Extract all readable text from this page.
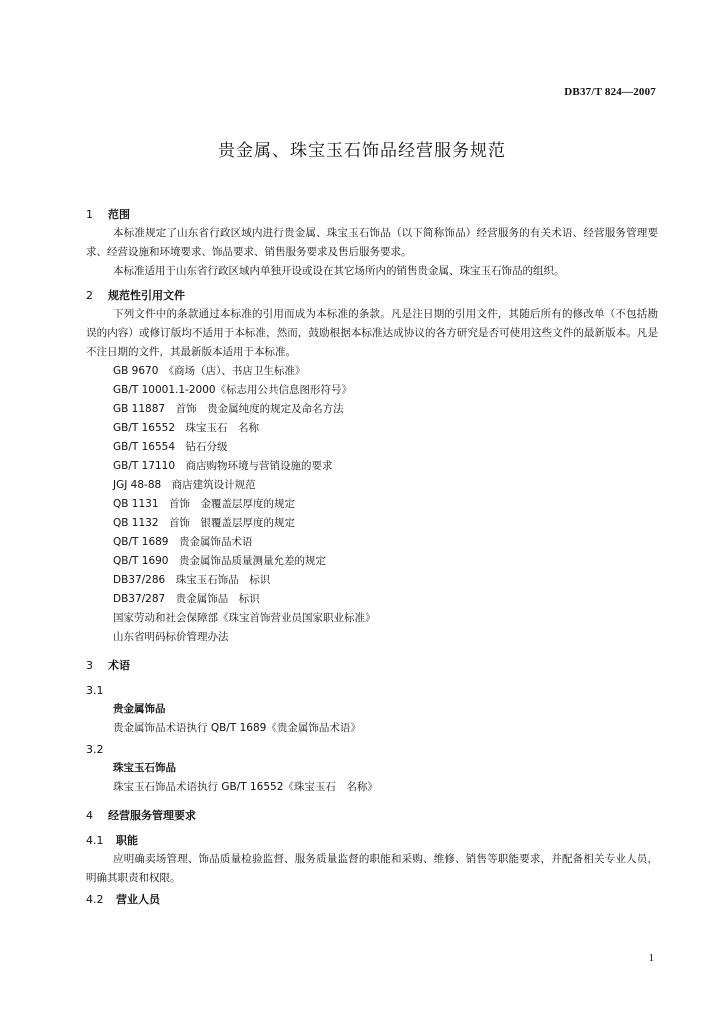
DB37/T 824—2007
贵金属、珠宝玉石饰品经营服务规范
1 范围
本标准规定了山东省行政区域内进行贵金属、珠宝玉石饰品（以下简称饰品）经营服务的有关术语、经营服务管理要求、经营设施和环境要求、饰品要求、销售服务要求及售后服务要求。
本标准适用于山东省行政区域内单独开设或设在其它场所内的销售贵金属、珠宝玉石饰品的组织。
2 规范性引用文件
下列文件中的条款通过本标准的引用而成为本标准的条款。凡是注日期的引用文件，其随后所有的修改单（不包括勘误的内容）或修订版均不适用于本标准，然而，鼓励根据本标准达成协议的各方研究是否可使用这些文件的最新版本。凡是不注日期的文件，其最新版本适用于本标准。
GB 9670　《商场（店）、书店卫生标准》
GB/T 10001.1-2000《标志用公共信息图形符号》
GB 11887　首饰　贵金属纯度的规定及命名方法
GB/T 16552　珠宝玉石　名称
GB/T 16554　钻石分级
GB/T 17110　商店购物环境与营销设施的要求
JGJ 48-88　商店建筑设计规范
QB 1131　首饰　金覆盖层厚度的规定
QB 1132　首饰　银覆盖层厚度的规定
QB/T 1689　贵金属饰品术语
QB/T 1690　贵金属饰品质量测量允差的规定
DB37/286　珠宝玉石饰品　标识
DB37/287　贵金属饰品　标识
国家劳动和社会保障部《珠宝首饰营业员国家职业标准》
山东省明码标价管理办法
3 术语
3.1
贵金属饰品
贵金属饰品术语执行 QB/T 1689《贵金属饰品术语》
3.2
珠宝玉石饰品
珠宝玉石饰品术语执行 GB/T 16552《珠宝玉石　名称》
4 经营服务管理要求
4.1 职能
应明确卖场管理、饰品质量检验监督、服务质量监督的职能和采购、维修、销售等职能要求，并配备相关专业人员，明确其职责和权限。
4.2 营业人员
1
